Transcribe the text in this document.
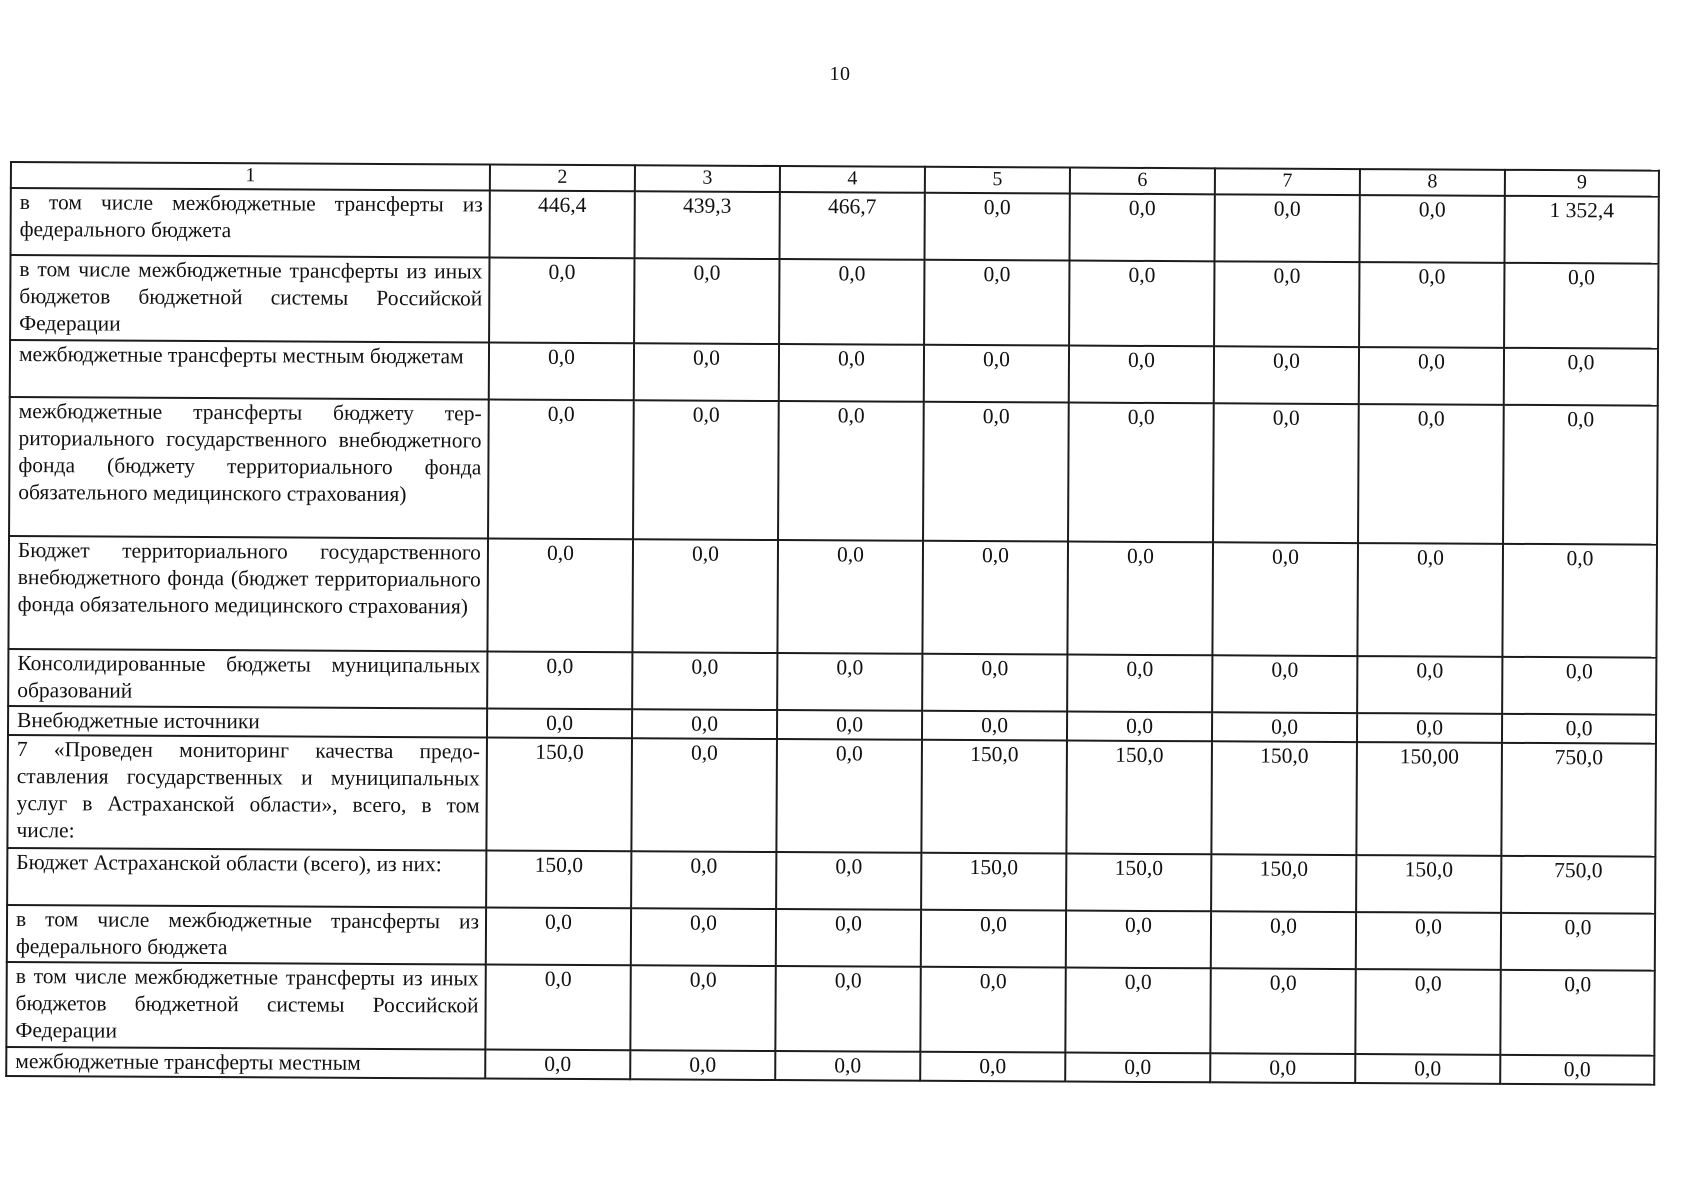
10
1	2	3	4	5	6	7	8	9
в том числе межбюджетные трансферты из федерального бюджета	446,4	439,3	466,7	0,0	0,0	0,0	0,0	1 352,4
в том числе межбюджетные трансферты из иных бюджетов бюджетной системы Российской Федерации	0,0	0,0	0,0	0,0	0,0	0,0	0,0	0,0
межбюджетные трансферты местным бюджетам	0,0	0,0	0,0	0,0	0,0	0,0	0,0	0,0
межбюджетные трансферты бюджету территориального государственного внебюджетного фонда (бюджету территориального фонда обязательного медицинского страхования)	0,0	0,0	0,0	0,0	0,0	0,0	0,0	0,0
Бюджет территориального государственного внебюджетного фонда (бюджет территориального фонда обязательного медицинского страхования)	0,0	0,0	0,0	0,0	0,0	0,0	0,0	0,0
Консолидированные бюджеты муниципальных образований	0,0	0,0	0,0	0,0	0,0	0,0	0,0	0,0
Внебюджетные источники	0,0	0,0	0,0	0,0	0,0	0,0	0,0	0,0
7 «Проведен мониторинг качества предоставления государственных и муниципальных услуг в Астраханской области», всего, в том числе:	150,0	0,0	0,0	150,0	150,0	150,0	150,00	750,0
Бюджет Астраханской области (всего), из них:	150,0	0,0	0,0	150,0	150,0	150,0	150,0	750,0
в том числе межбюджетные трансферты из федерального бюджета	0,0	0,0	0,0	0,0	0,0	0,0	0,0	0,0
в том числе межбюджетные трансферты из иных бюджетов бюджетной системы Российской Федерации	0,0	0,0	0,0	0,0	0,0	0,0	0,0	0,0
межбюджетные трансферты местным	0,0	0,0	0,0	0,0	0,0	0,0	0,0	0,0
